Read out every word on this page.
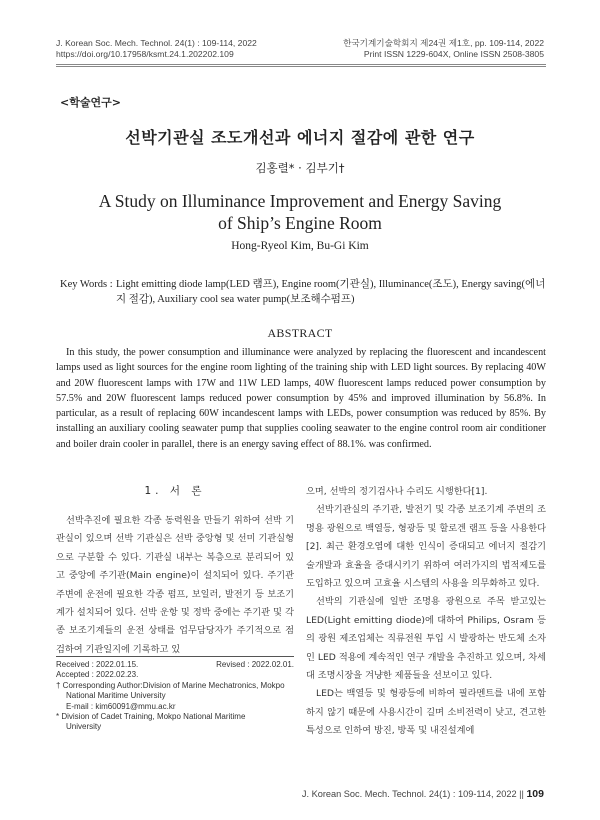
J. Korean Soc. Mech. Technol. 24(1) : 109-114, 2022
https://doi.org/10.17958/ksmt.24.1.202202.109
한국기계기술학회지 제24권 제1호, pp. 109-114, 2022
Print ISSN 1229-604X, Online ISSN 2508-3805
<학술연구>
선박기관실 조도개선과 에너지 절감에 관한 연구
김홍렬* · 김부기†
A Study on Illuminance Improvement and Energy Saving
of Ship’s Engine Room
Hong-Ryeol Kim, Bu-Gi Kim
Key Words : Light emitting diode lamp(LED 램프), Engine room(기관실), Illuminance(조도), Energy saving(에너지 절감), Auxiliary cool sea water pump(보조해수펌프)
ABSTRACT

In this study, the power consumption and illuminance were analyzed by replacing the fluorescent and incandescent lamps used as light sources for the engine room lighting of the training ship with LED light sources. By replacing 40W and 20W fluorescent lamps with 17W and 11W LED lamps, 40W fluorescent lamps reduced power consumption by 57.5% and 20W fluorescent lamps reduced power consumption by 45% and improved illumination by 56.8%. In particular, as a result of replacing 60W incandescent lamps with LEDs, power consumption was reduced by 85%. By installing an auxiliary cooling seawater pump that supplies cooling seawater to the engine control room air conditioner and boiler drain cooler in parallel, there is an energy saving effect of 88.1%. was confirmed.

1. 서 론

선박추진에 필요한 각종 동력원을 만들기 위하여 선박 기관실이 있으며 선박 기관실은 선박 중앙형 및 선미 기관실형으로 구분할 수 있다. 기관실 내부는 복층으로 분리되어 있고 중앙에 주기관(Main engine)이 설치되어 있다. 주기관 주변에 운전에 필요한 각종 펌프, 보일러, 발전기 등 보조기계가 설치되어 있다. 선박 운항 및 정박 중에는 주기관 및 각종 보조기계들의 운전 상태를 업무담당자가 주기적으로 점검하여 기관일지에 기록하고 있

Received : 2022.01.15.	Revised : 2022.02.01.
Accepted : 2022.02.23.
† Corresponding Author:Division of Marine Mechatronics, Mokpo
National Maritime University
E-mail : kim60091@mmu.ac.kr
* Division of Cadet Training, Mokpo National Maritime
University

으며, 선박의 정기검사나 수리도 시행한다[1].

선박기관실의 주기관, 발전기 및 각종 보조기계 주변의 조명용 광원으로 백열등, 형광등 및 할로겐 램프 등을 사용한다[2]. 최근 환경오염에 대한 인식이 증대되고 에너지 절감기술개발과 효율을 증대시키기 위하여 여러가지의 법적제도를 도입하고 있으며 고효율 시스템의 사용을 의무화하고 있다.

선박의 기관실에 일반 조명용 광원으로 주목 받고있는 LED(Light emitting diode)에 대하여 Philips, Osram 등의 광원 제조업체는 직류전원 투입 시 발광하는 반도체 소자인 LED 적용에 계속적인 연구 개발을 추진하고 있으며, 차세대 조명시장을 겨냥한 제품들을 선보이고 있다.

LED는 백열등 및 형광등에 비하여 필라멘트를 내에 포함하지 않기 때문에 사용시간이 길며 소비전력이 낮고, 견고한 특성으로 인하여 방진, 방폭 및 내진설계에

J. Korean Soc. Mech. Technol. 24(1) : 109-114, 2022 || 109
